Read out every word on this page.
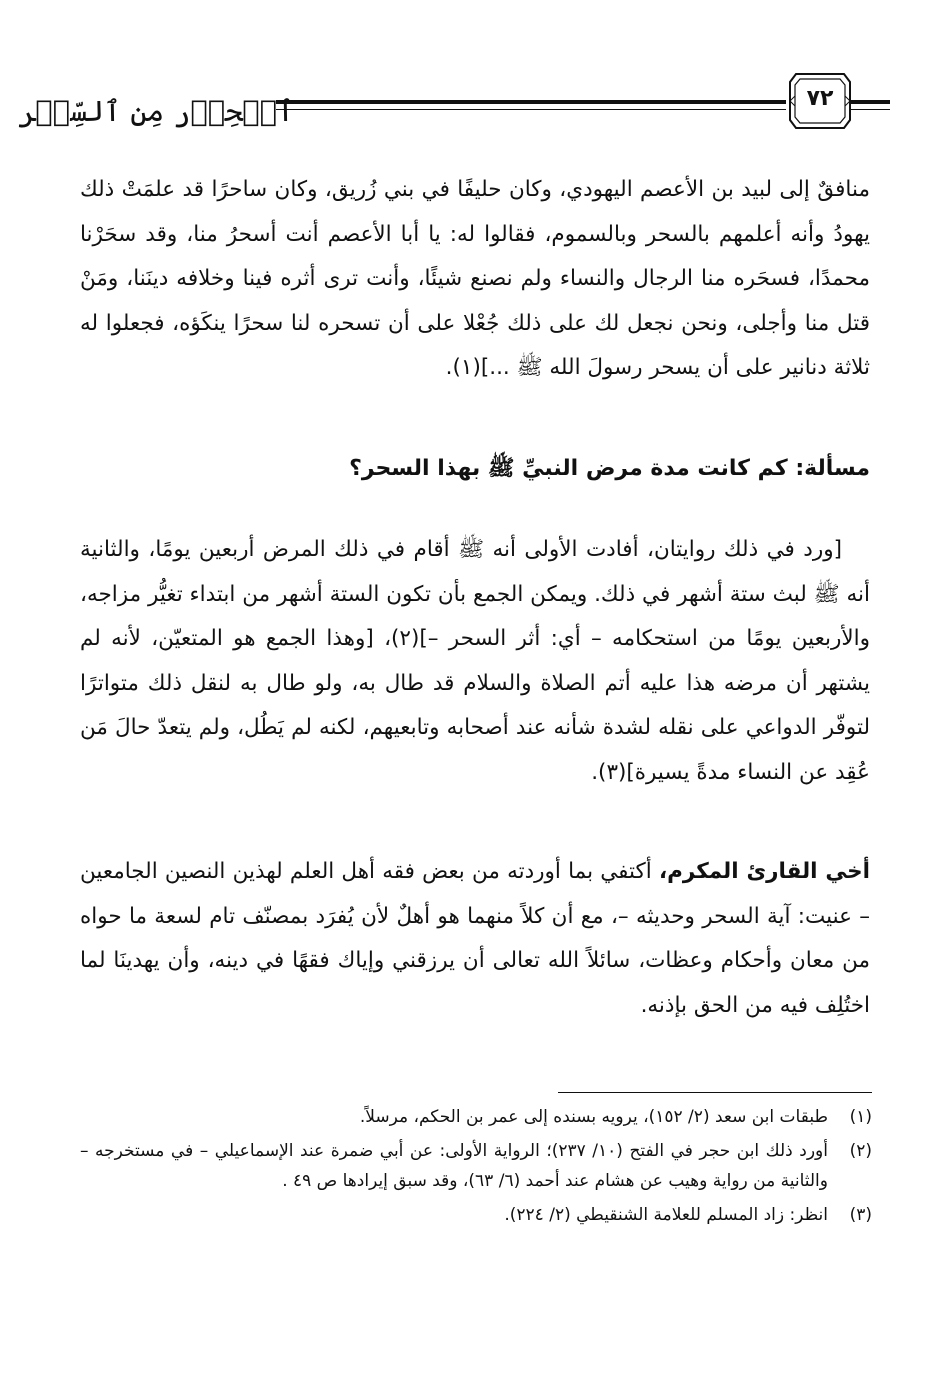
٧٢
ٱلۡحِذۡر مِن ٱلسِّحۡر
منافقٌ إلى لبيد بن الأعصم اليهودي، وكان حليفًا في بني زُريق، وكان ساحرًا قد علمَتْ ذلك يهودُ وأنه أعلمهم بالسحر وبالسموم، فقالوا له: يا أبا الأعصم أنت أسحرُ منا، وقد سحَرْنا محمدًا، فسحَره منا الرجال والنساء ولم نصنع شيئًا، وأنت ترى أثره فينا وخلافه دينَنا، ومَنْ قتل منا وأجلى، ونحن نجعل لك على ذلك جُعْلا على أن تسحره لنا سحرًا ينكَؤه، فجعلوا له ثلاثة دنانير على أن يسحر رسولَ الله ﷺ ...](١).
مسألة: كم كانت مدة مرض النبيِّ ﷺ بهذا السحر؟
[ورد في ذلك روايتان، أفادت الأولى أنه ﷺ أقام في ذلك المرض أربعين يومًا، والثانية أنه ﷺ لبث ستة أشهر في ذلك. ويمكن الجمع بأن تكون الستة أشهر من ابتداء تغيُّر مزاجه، والأربعين يومًا من استحكامه – أي: أثر السحر –](٢)، [وهذا الجمع هو المتعيّن، لأنه لم يشتهر أن مرضه هذا عليه أتم الصلاة والسلام قد طال به، ولو طال به لنقل ذلك متواترًا لتوفّر الدواعي على نقله لشدة شأنه عند أصحابه وتابعيهم، لكنه لم يَطُل، ولم يتعدّ حالَ مَن عُقِد عن النساء مدةً يسيرة](٣).
أخي القارئ المكرم، أكتفي بما أوردته من بعض فقه أهل العلم لهذين النصين الجامعين – عنيت: آية السحر وحديثه –، مع أن كلاً منهما هو أهلٌ لأن يُفرَد بمصنّف تام لسعة ما حواه من معان وأحكام وعظات، سائلاً الله تعالى أن يرزقني وإياك فقهًا في دينه، وأن يهدينَا لما اختُلِف فيه من الحق بإذنه.
(١)
طبقات ابن سعد (٢/ ١٥٢)، يرويه بسنده إلى عمر بن الحكم، مرسلاً.
(٢)
أورد ذلك ابن حجر في الفتح (١٠/ ٢٣٧)؛ الرواية الأولى: عن أبي ضمرة عند الإسماعيلي – في مستخرجه – والثانية من رواية وهيب عن هشام عند أحمد (٦/ ٦٣)، وقد سبق إيرادها ص ٤٩ .
(٣)
انظر: زاد المسلم للعلامة الشنقيطي (٢/ ٢٢٤).
